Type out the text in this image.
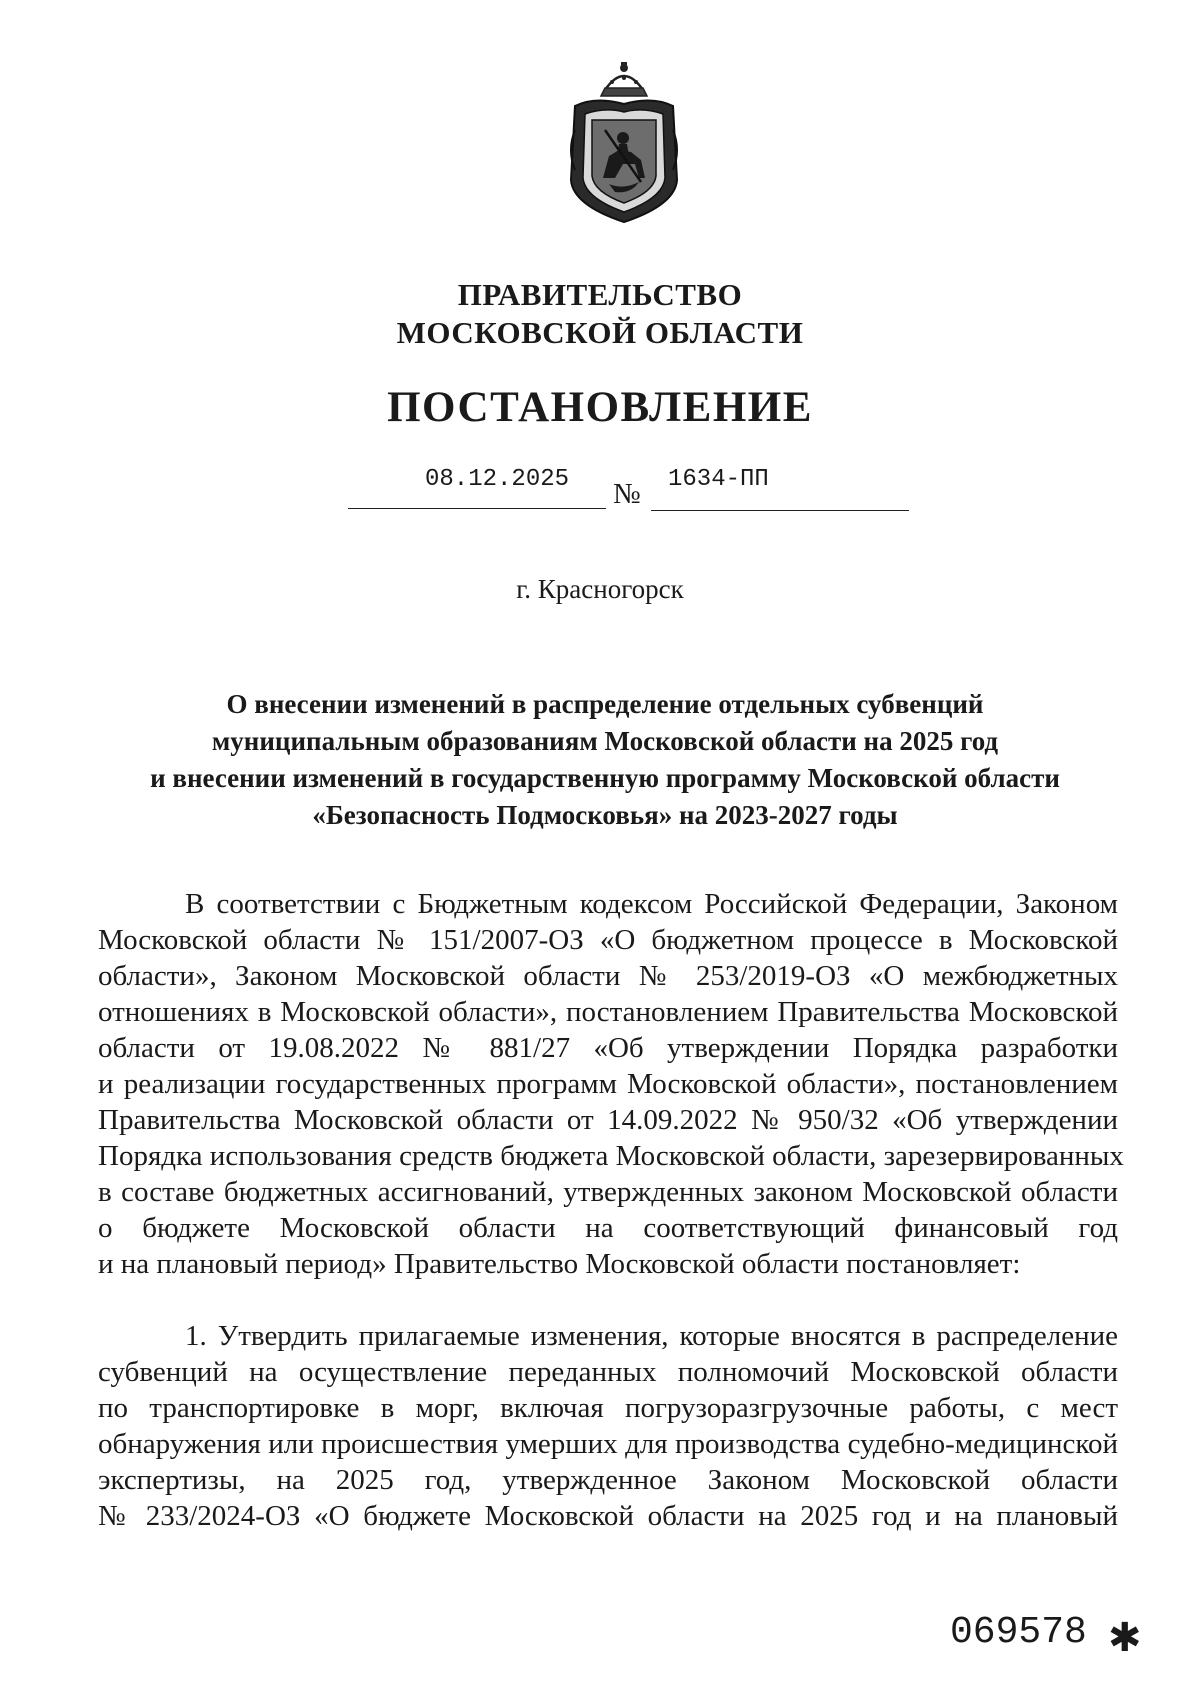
ПРАВИТЕЛЬСТВО
МОСКОВСКОЙ ОБЛАСТИ
ПОСТАНОВЛЕНИЕ
08.12.2025 № 1634-ПП
г. Красногорск
О внесении изменений в распределение отдельных субвенций
муниципальным образованиям Московской области на 2025 год
и внесении изменений в государственную программу Московской области
«Безопасность Подмосковья» на 2023-2027 годы
В соответствии с Бюджетным кодексом Российской Федерации, Законом
Московской области № 151/2007-ОЗ «О бюджетном процессе в Московской
области», Законом Московской области № 253/2019-ОЗ «О межбюджетных
отношениях в Московской области», постановлением Правительства Московской
области от 19.08.2022 № 881/27 «Об утверждении Порядка разработки
и реализации государственных программ Московской области», постановлением
Правительства Московской области от 14.09.2022 № 950/32 «Об утверждении
Порядка использования средств бюджета Московской области, зарезервированных
в составе бюджетных ассигнований, утвержденных законом Московской области
о бюджете Московской области на соответствующий финансовый год
и на плановый период» Правительство Московской области постановляет:
1. Утвердить прилагаемые изменения, которые вносятся в распределение
субвенций на осуществление переданных полномочий Московской области
по транспортировке в морг, включая погрузоразгрузочные работы, с мест
обнаружения или происшествия умерших для производства судебно-медицинской
экспертизы, на 2025 год, утвержденное Законом Московской области
№ 233/2024-ОЗ «О бюджете Московской области на 2025 год и на плановый
069578 ✱
